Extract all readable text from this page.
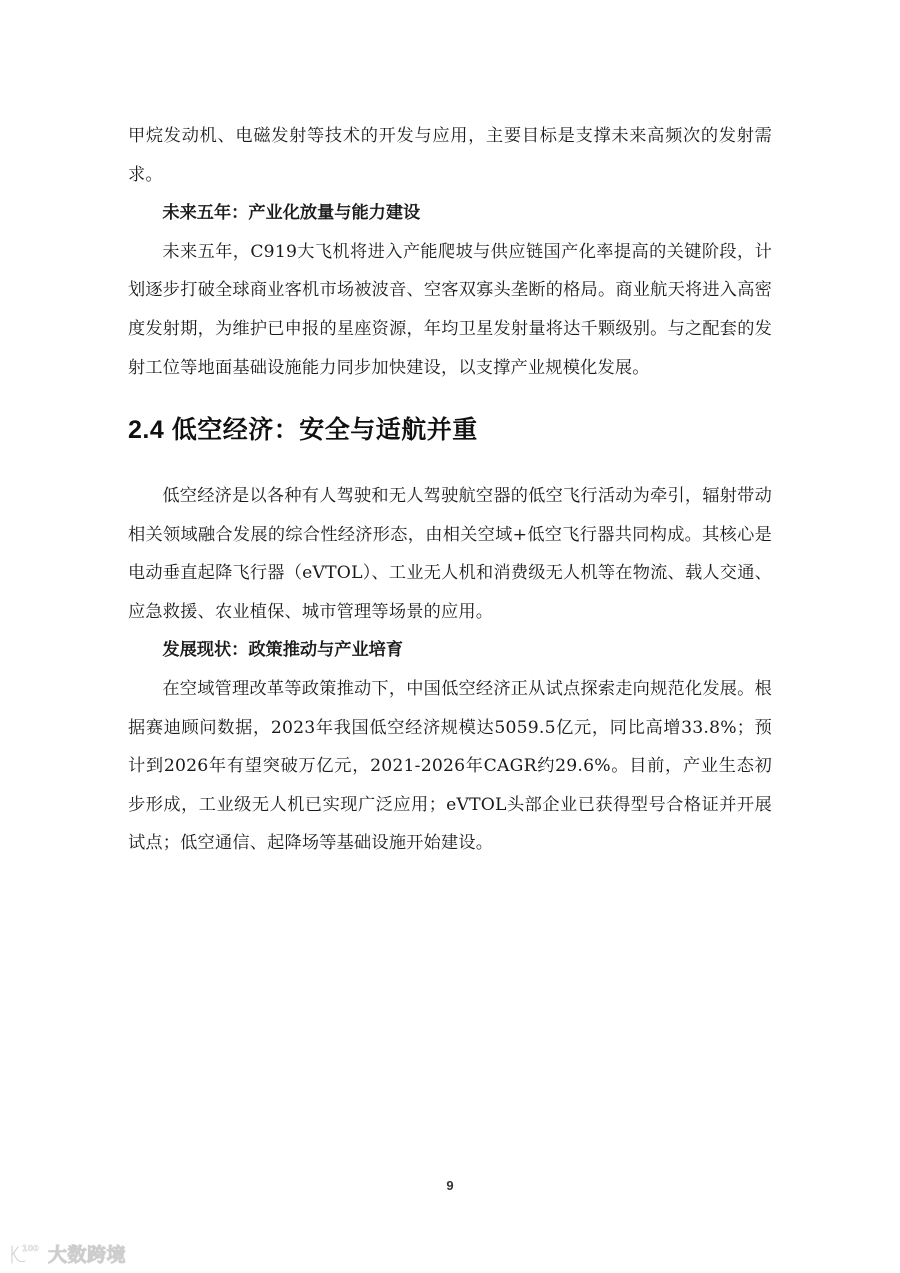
甲烷发动机、电磁发射等技术的开发与应用，主要目标是支撑未来高频次的发射需求。

未来五年：产业化放量与能力建设

未来五年，C919大飞机将进入产能爬坡与供应链国产化率提高的关键阶段，计划逐步打破全球商业客机市场被波音、空客双寡头垄断的格局。商业航天将进入高密度发射期，为维护已申报的星座资源，年均卫星发射量将达千颗级别。与之配套的发射工位等地面基础设施能力同步加快建设，以支撑产业规模化发展。

2.4 低空经济：安全与适航并重

低空经济是以各种有人驾驶和无人驾驶航空器的低空飞行活动为牵引，辐射带动相关领域融合发展的综合性经济形态，由相关空域+低空飞行器共同构成。其核心是电动垂直起降飞行器（eVTOL）、工业无人机和消费级无人机等在物流、载人交通、应急救援、农业植保、城市管理等场景的应用。

发展现状：政策推动与产业培育

在空域管理改革等政策推动下，中国低空经济正从试点探索走向规范化发展。根据赛迪顾问数据，2023年我国低空经济规模达5059.5亿元，同比高增33.8%；预计到2026年有望突破万亿元，2021-2026年CAGR约29.6%。目前，产业生态初步形成，工业级无人机已实现广泛应用；eVTOL头部企业已获得型号合格证并开展试点；低空通信、起降场等基础设施开始建设。

9
100 大数跨境
